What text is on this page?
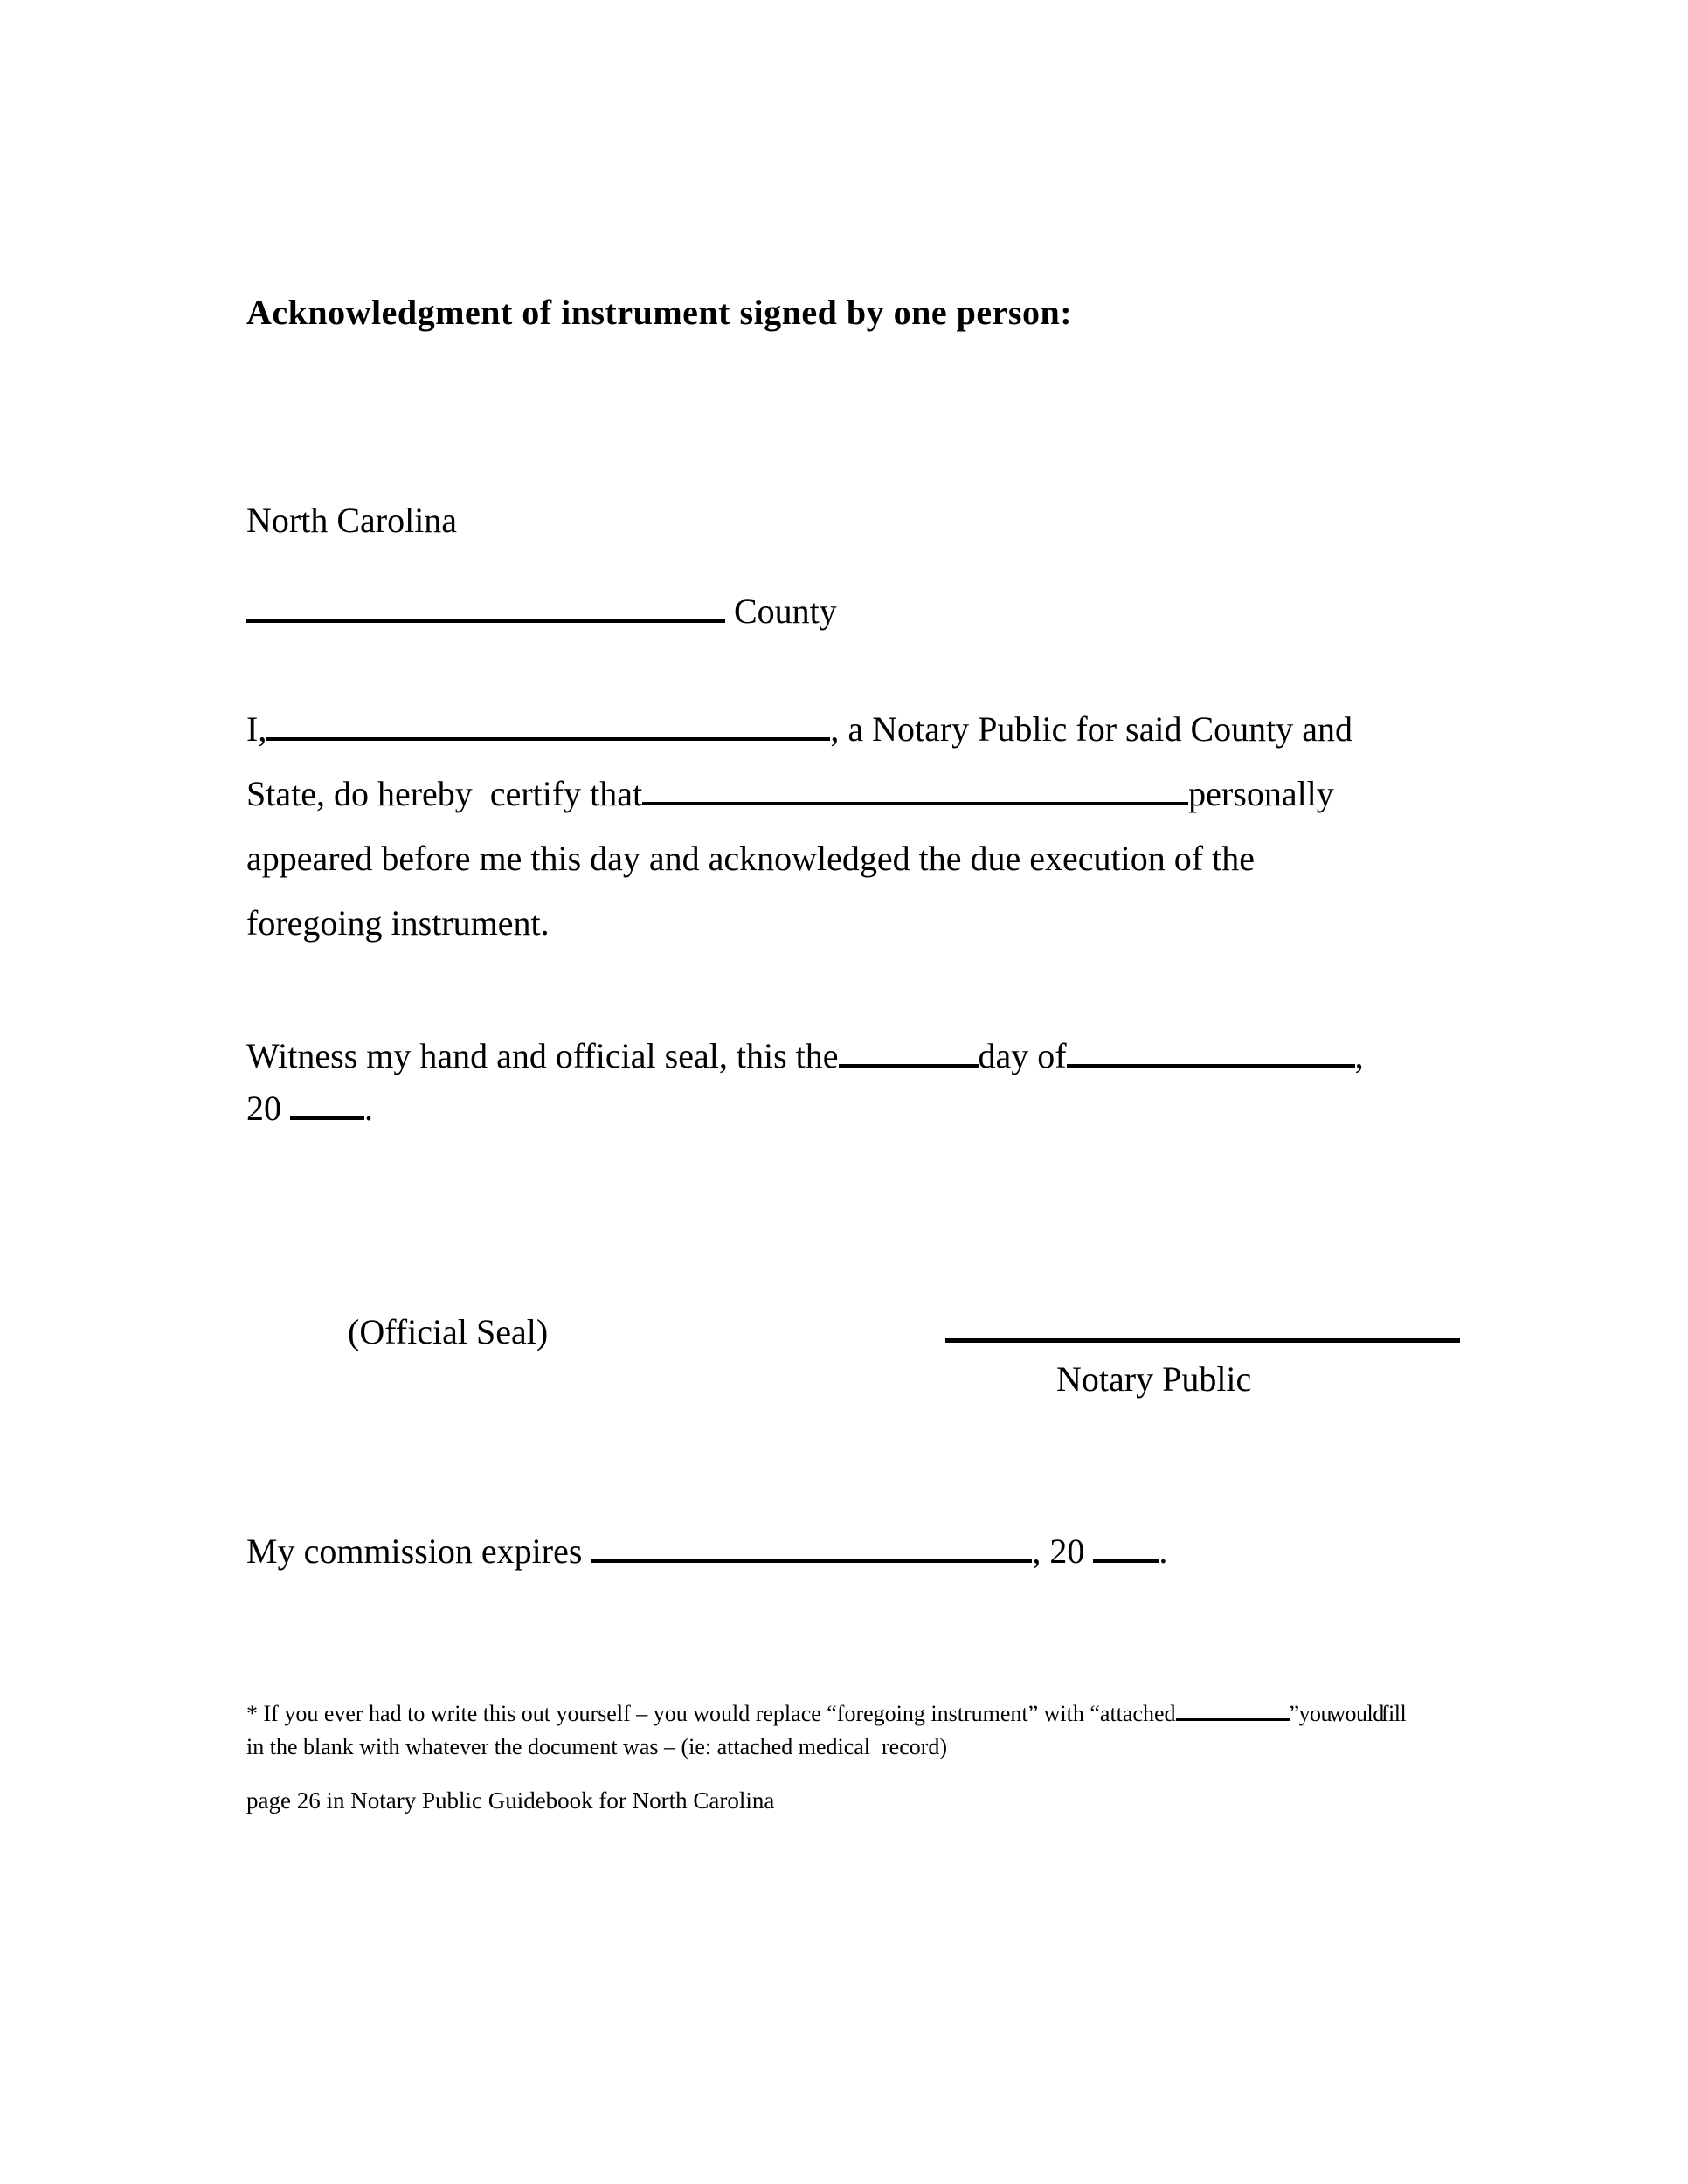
Acknowledgment of instrument signed by one person:
North Carolina
County
I,	, a Notary Public for said County and
State, do hereby  certify that	personally
appeared before me this day and acknowledged the due execution of the
foregoing instrument.
Witness my hand and official seal, this the	day of	,
20 .
(Official Seal)
Notary Public
My commission expires	, 20 .
* If you ever had to write this out yourself – you would replace “foregoing instrument” with “attached	”you would fill
in the blank with whatever the document was – (ie: attached medical  record)
page 26 in Notary Public Guidebook for North Carolina
